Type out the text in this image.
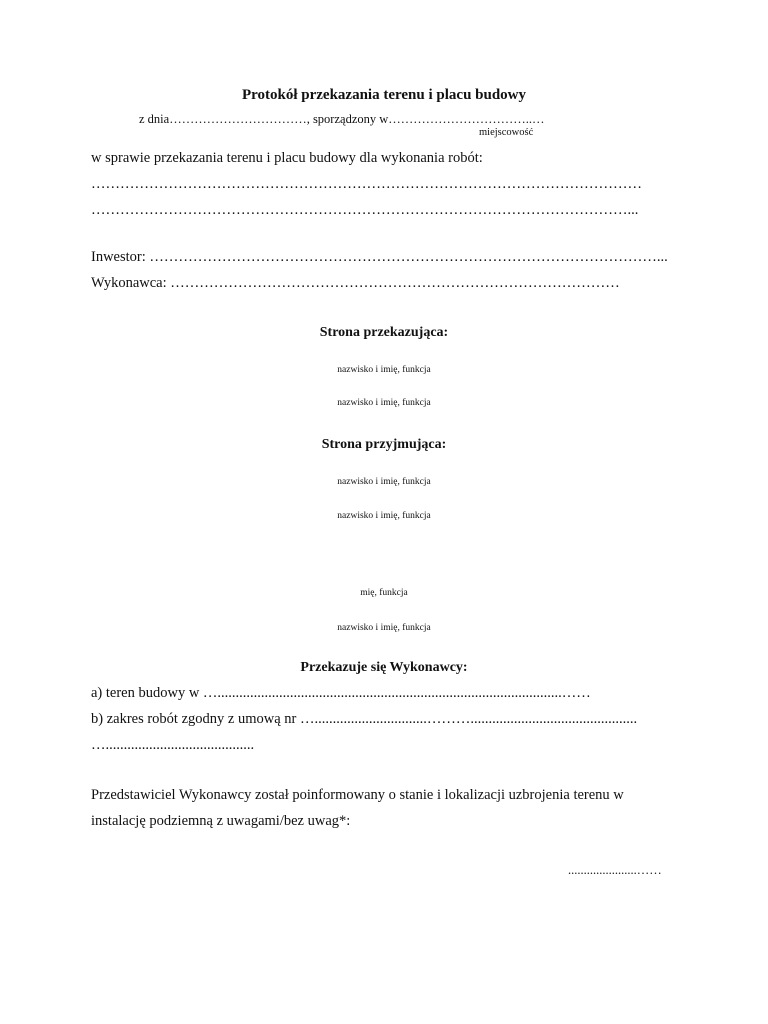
Protokół przekazania terenu i placu budowy
z dnia……………………………, sporządzony w……………………………..…
miejscowość
w sprawie przekazania terenu i placu budowy dla wykonania robót:
……………………………………………………………………………………………………
…………………………………………………………………………………………………...
Inwestor: ……………………………………………………………………………………………...
Wykonawca: …………………………………………………………………………………
Strona przekazująca:
nazwisko i imię, funkcja
nazwisko i imię, funkcja
Strona przyjmująca:
nazwisko i imię, funkcja
nazwisko i imię, funkcja
mię, funkcja
nazwisko i imię, funkcja
Przekazuje się Wykonawcy:
a) teren budowy w …...............................................................................................……
b) zakres robót zgodny z umową nr …...............................………..............................................
….........................................
Przedstawiciel Wykonawcy został poinformowany o stanie i lokalizacji uzbrojenia terenu w
instalację podziemną z uwagami/bez uwag*:
......................……
